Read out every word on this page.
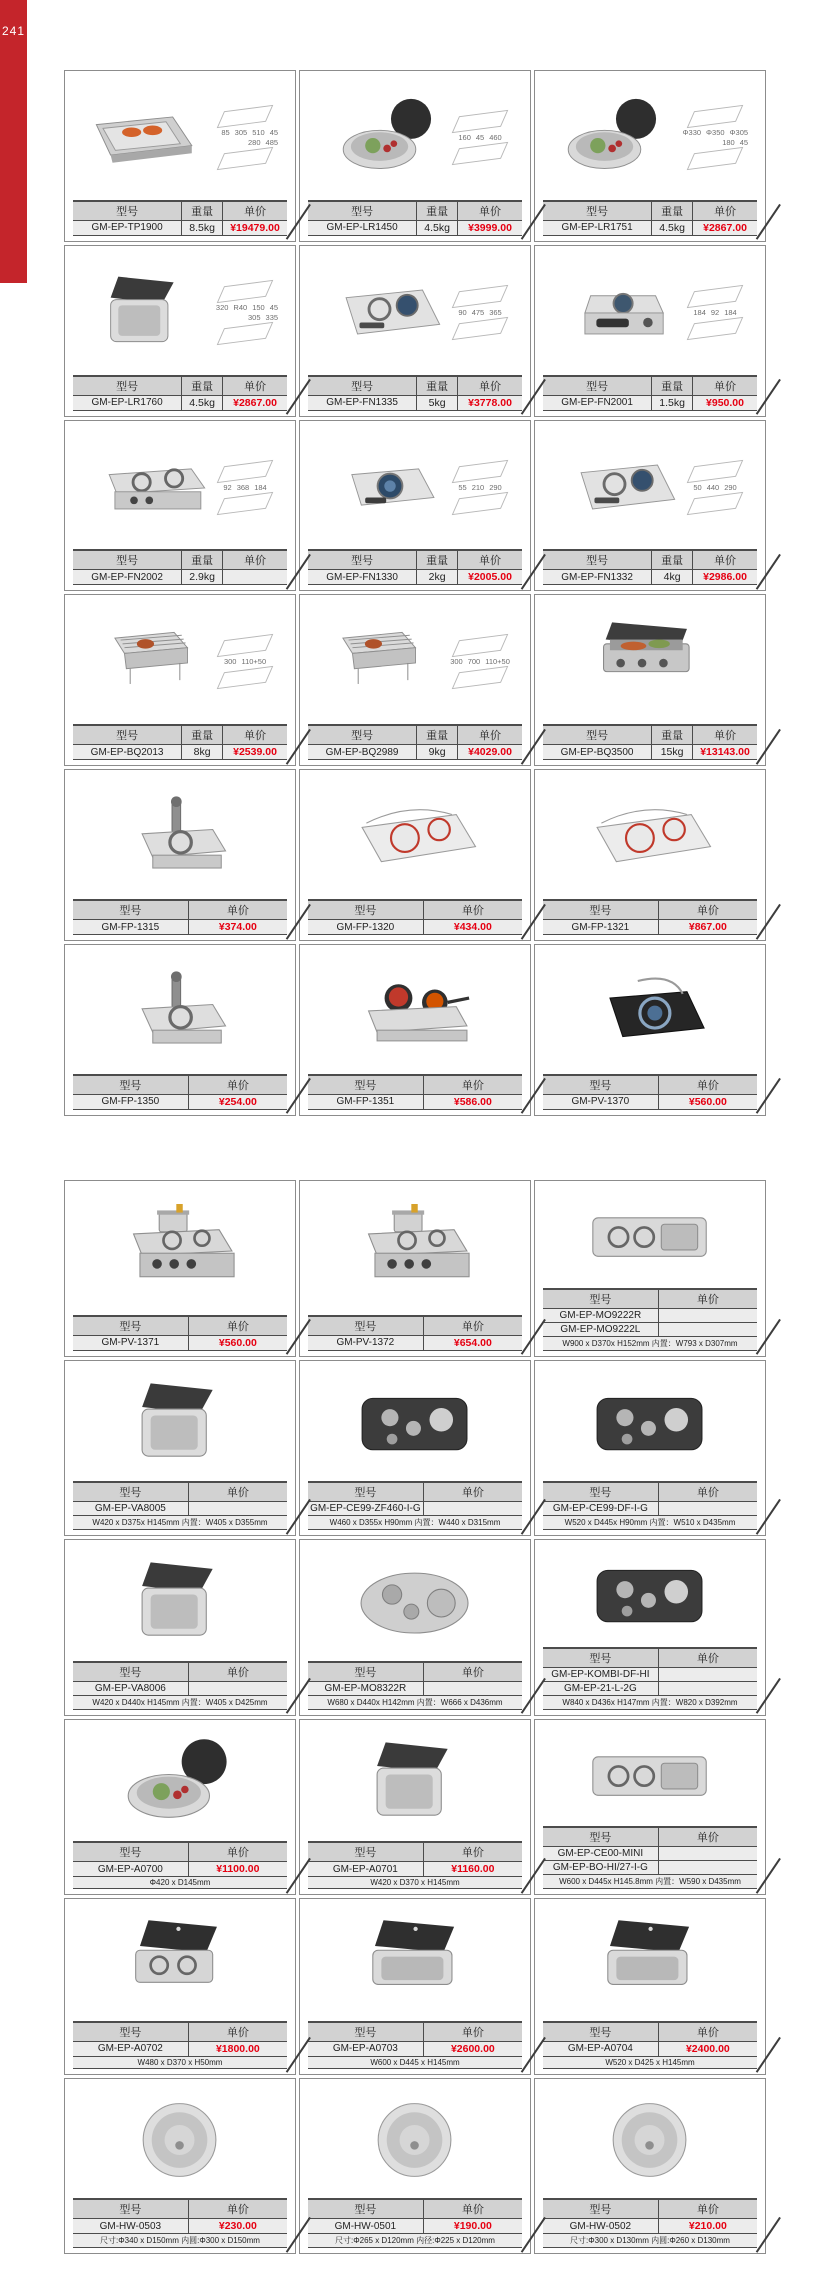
241
85 305 510 45
280 485
型号	重量	单价
GM-EP-TP1900	8.5kg	¥19479.00
160 45 460
型号	重量	单价
GM-EP-LR1450	4.5kg	¥3999.00
Φ330 Φ350 Φ305
180 45
型号	重量	单价
GM-EP-LR1751	4.5kg	¥2867.00
320 R40 150 45
305 335
型号	重量	单价
GM-EP-LR1760	4.5kg	¥2867.00
90 475 365
型号	重量	单价
GM-EP-FN1335	5kg	¥3778.00
184 92 184
型号	重量	单价
GM-EP-FN2001	1.5kg	¥950.00
92 368 184
型号	重量	单价
GM-EP-FN2002	2.9kg	
55 210 290
型号	重量	单价
GM-EP-FN1330	2kg	¥2005.00
50 440 290
型号	重量	单价
GM-EP-FN1332	4kg	¥2986.00
300 110+50
型号	重量	单价
GM-EP-BQ2013	8kg	¥2539.00
300 700 110+50
型号	重量	单价
GM-EP-BQ2989	9kg	¥4029.00
型号	重量	单价
GM-EP-BQ3500	15kg	¥13143.00
型号	单价
GM-FP-1315	¥374.00
型号	单价
GM-FP-1320	¥434.00
型号	单价
GM-FP-1321	¥867.00
型号	单价
GM-FP-1350	¥254.00
型号	单价
GM-FP-1351	¥586.00
型号	单价
GM-PV-1370	¥560.00
型号	单价
GM-PV-1371	¥560.00
型号	单价
GM-PV-1372	¥654.00
型号	单价
GM-EP-MO9222R	
GM-EP-MO9222L	
W900 x D370x H152mm 内置：W793 x D307mm	
型号	单价
GM-EP-VA8005	
W420 x D375x H145mm 内置：W405 x D355mm	
型号	单价
GM-EP-CE99-ZF460-I-G	
W460 x D355x H90mm 内置：W440 x D315mm	
型号	单价
GM-EP-CE99-DF-I-G	
W520 x D445x H90mm 内置：W510 x D435mm	
型号	单价
GM-EP-VA8006	
W420 x D440x H145mm 内置：W405 x D425mm	
型号	单价
GM-EP-MO8322R	
W680 x D440x H142mm 内置：W666 x D436mm	
型号	单价
GM-EP-KOMBI-DF-HI	
GM-EP-21-L-2G	
W840 x D436x H147mm 内置：W820 x D392mm	
型号	单价
GM-EP-A0700	¥1100.00
Φ420 x D145mm	
型号	单价
GM-EP-A0701	¥1160.00
W420 x D370 x H145mm	
型号	单价
GM-EP-CE00-MINI	
GM-EP-BO-HI/27-I-G	
W600 x D445x H145.8mm 内置：W590 x D435mm	
型号	单价
GM-EP-A0702	¥1800.00
W480 x D370 x H50mm	
型号	单价
GM-EP-A0703	¥2600.00
W600 x D445 x H145mm	
型号	单价
GM-EP-A0704	¥2400.00
W520 x D425 x H145mm	
型号	单价
GM-HW-0503	¥230.00
尺寸:Φ340 x D150mm 内圆:Φ300 x D150mm	
型号	单价
GM-HW-0501	¥190.00
尺寸:Φ265 x D120mm 内径:Φ225 x D120mm	
型号	单价
GM-HW-0502	¥210.00
尺寸:Φ300 x D130mm 内圆:Φ260 x D130mm	
